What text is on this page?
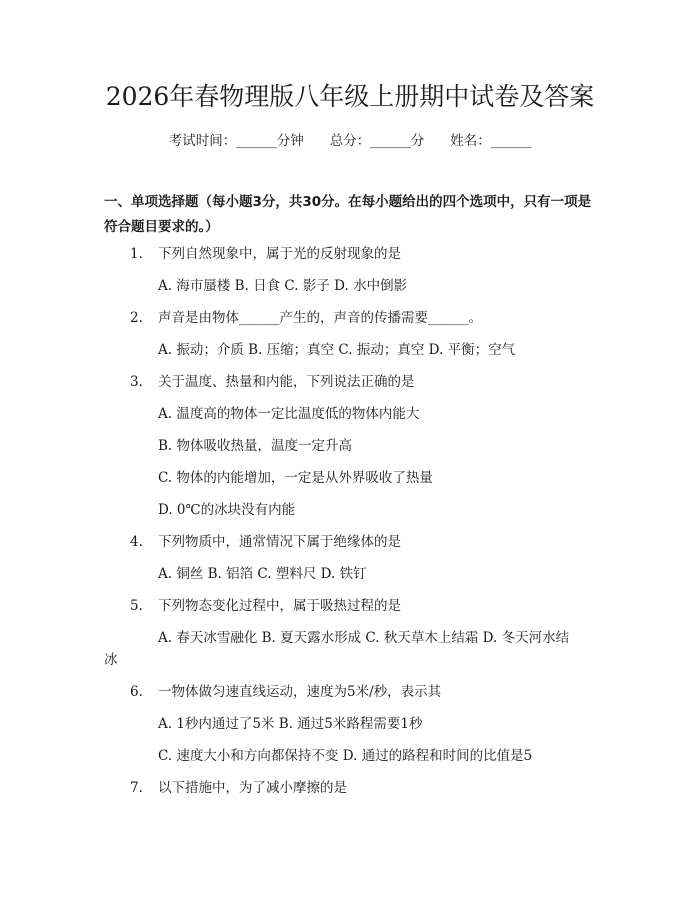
2026年春物理版八年级上册期中试卷及答案
考试时间：______分钟 总分：______分 姓名：______
一、单项选择题（每小题3分，共30分。在每小题给出的四个选项中，只有一项是符合题目要求的。）
1. 下列自然现象中，属于光的反射现象的是
A. 海市蜃楼 B. 日食 C. 影子 D. 水中倒影
2. 声音是由物体______产生的，声音的传播需要______。
A. 振动；介质 B. 压缩；真空 C. 振动；真空 D. 平衡；空气
3. 关于温度、热量和内能，下列说法正确的是
A. 温度高的物体一定比温度低的物体内能大
B. 物体吸收热量，温度一定升高
C. 物体的内能增加，一定是从外界吸收了热量
D. 0℃的冰块没有内能
4. 下列物质中，通常情况下属于绝缘体的是
A. 铜丝 B. 铝箔 C. 塑料尺 D. 铁钉
5. 下列物态变化过程中，属于吸热过程的是
A. 春天冰雪融化 B. 夏天露水形成 C. 秋天草木上结霜 D. 冬天河水结
冰
6. 一物体做匀速直线运动，速度为5米/秒，表示其
A. 1秒内通过了5米 B. 通过5米路程需要1秒
C. 速度大小和方向都保持不变 D. 通过的路程和时间的比值是5
7. 以下措施中，为了减小摩擦的是
